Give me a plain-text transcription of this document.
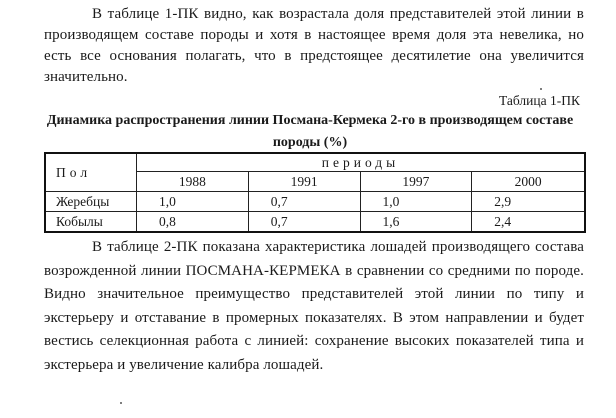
В таблице 1-ПК видно, как возрастала доля представителей этой линии в производящем составе породы и хотя в настоящее время доля эта невелика, но есть все основания полагать, что в предстоящее десятилетие она увеличится значительно.

Таблица 1-ПК
Динамика распространения линии Посмана-Кермека 2-го в производящем составе породы (%)
Пол	периоды			
	1988	1991	1997	2000
Жеребцы	1,0	0,7	1,0	2,9
Кобылы	0,8	0,7	1,6	2,4

В таблице 2-ПК показана характеристика лошадей производящего состава возрожденной линии ПОСМАНА-КЕРМЕКА в сравнении со средними по породе. Видно значительное преимущество представителей этой линии по типу и экстерьеру и отставание в промерных показателях. В этом направлении и будет вестись селекционная работа с линией: сохранение высоких показателей типа и экстерьера и увеличение калибра лошадей.
